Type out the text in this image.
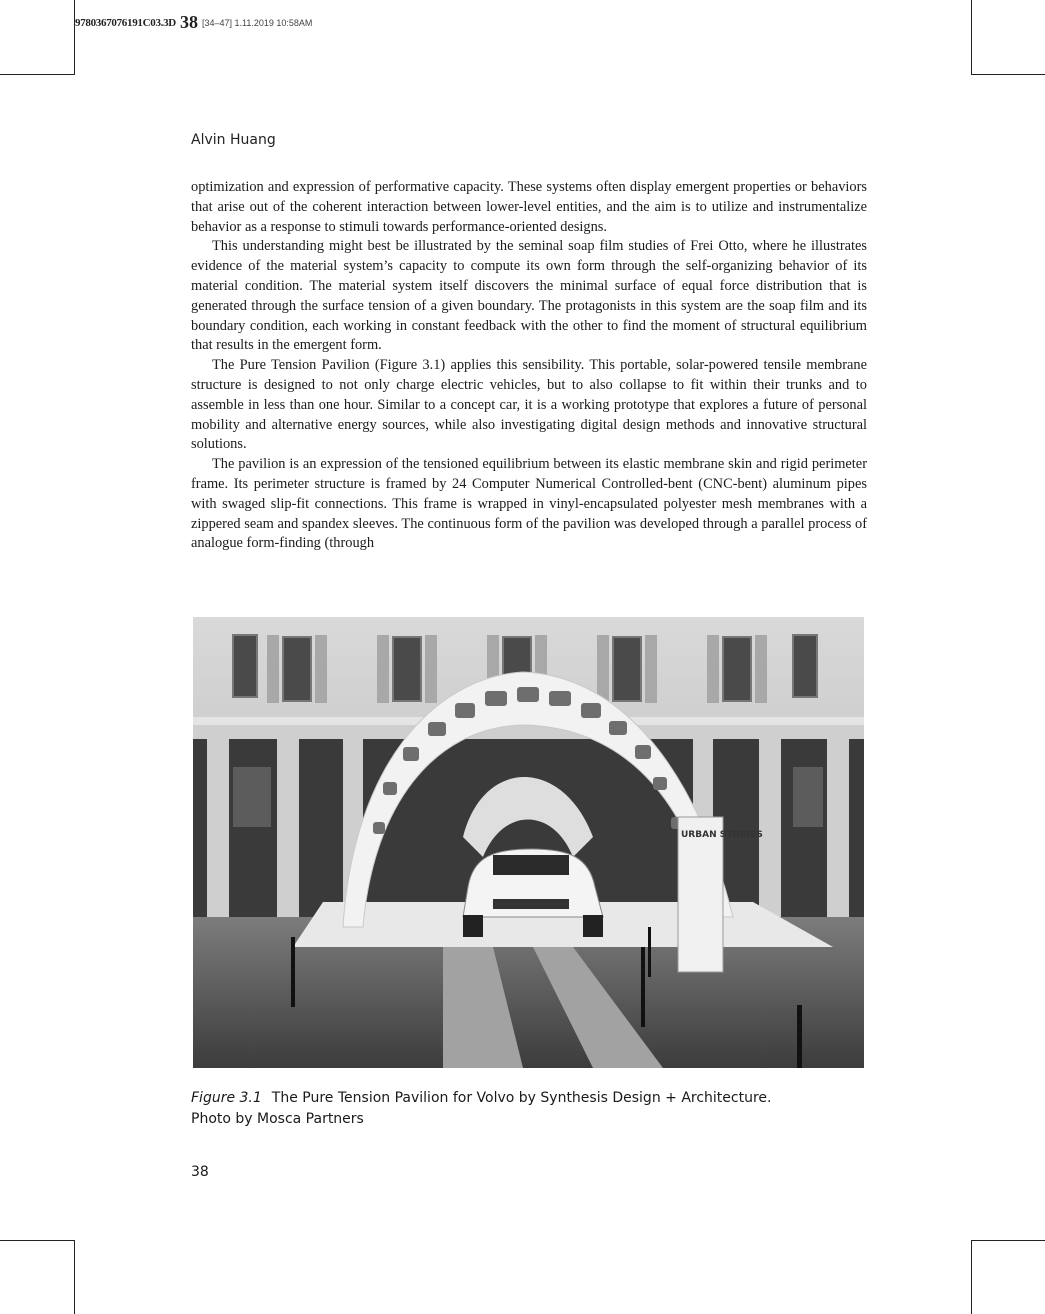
9780367076191C03.3D 38 [34–47] 1.11.2019 10:58AM
Alvin Huang

optimization and expression of performative capacity. These systems often display emergent properties or behaviors that arise out of the coherent interaction between lower-level entities, and the aim is to utilize and instrumentalize behavior as a response to stimuli towards performance-oriented designs.

This understanding might best be illustrated by the seminal soap film studies of Frei Otto, where he illustrates evidence of the material system’s capacity to compute its own form through the self-organizing behavior of its material condition. The material system itself discovers the minimal surface of equal force distribution that is generated through the surface tension of a given boundary. The protagonists in this system are the soap film and its boundary condition, each working in constant feedback with the other to find the moment of structural equilibrium that results in the emergent form.

The Pure Tension Pavilion (Figure 3.1) applies this sensibility. This portable, solar-powered tensile membrane structure is designed to not only charge electric vehicles, but to also collapse to fit within their trunks and to assemble in less than one hour. Similar to a concept car, it is a working prototype that explores a future of personal mobility and alternative energy sources, while also investigating digital design methods and innovative structural solutions.

The pavilion is an expression of the tensioned equilibrium between its elastic membrane skin and rigid perimeter frame. Its perimeter structure is framed by 24 Computer Numerical Controlled-bent (CNC-bent) aluminum pipes with swaged slip-fit connections. This frame is wrapped in vinyl-encapsulated polyester mesh membranes with a zippered seam and spandex sleeves. The continuous form of the pavilion was developed through a parallel process of analogue form-finding (through

URBAN STORIES
Figure 3.1 The Pure Tension Pavilion for Volvo by Synthesis Design + Architecture.
Photo by Mosca Partners
38
